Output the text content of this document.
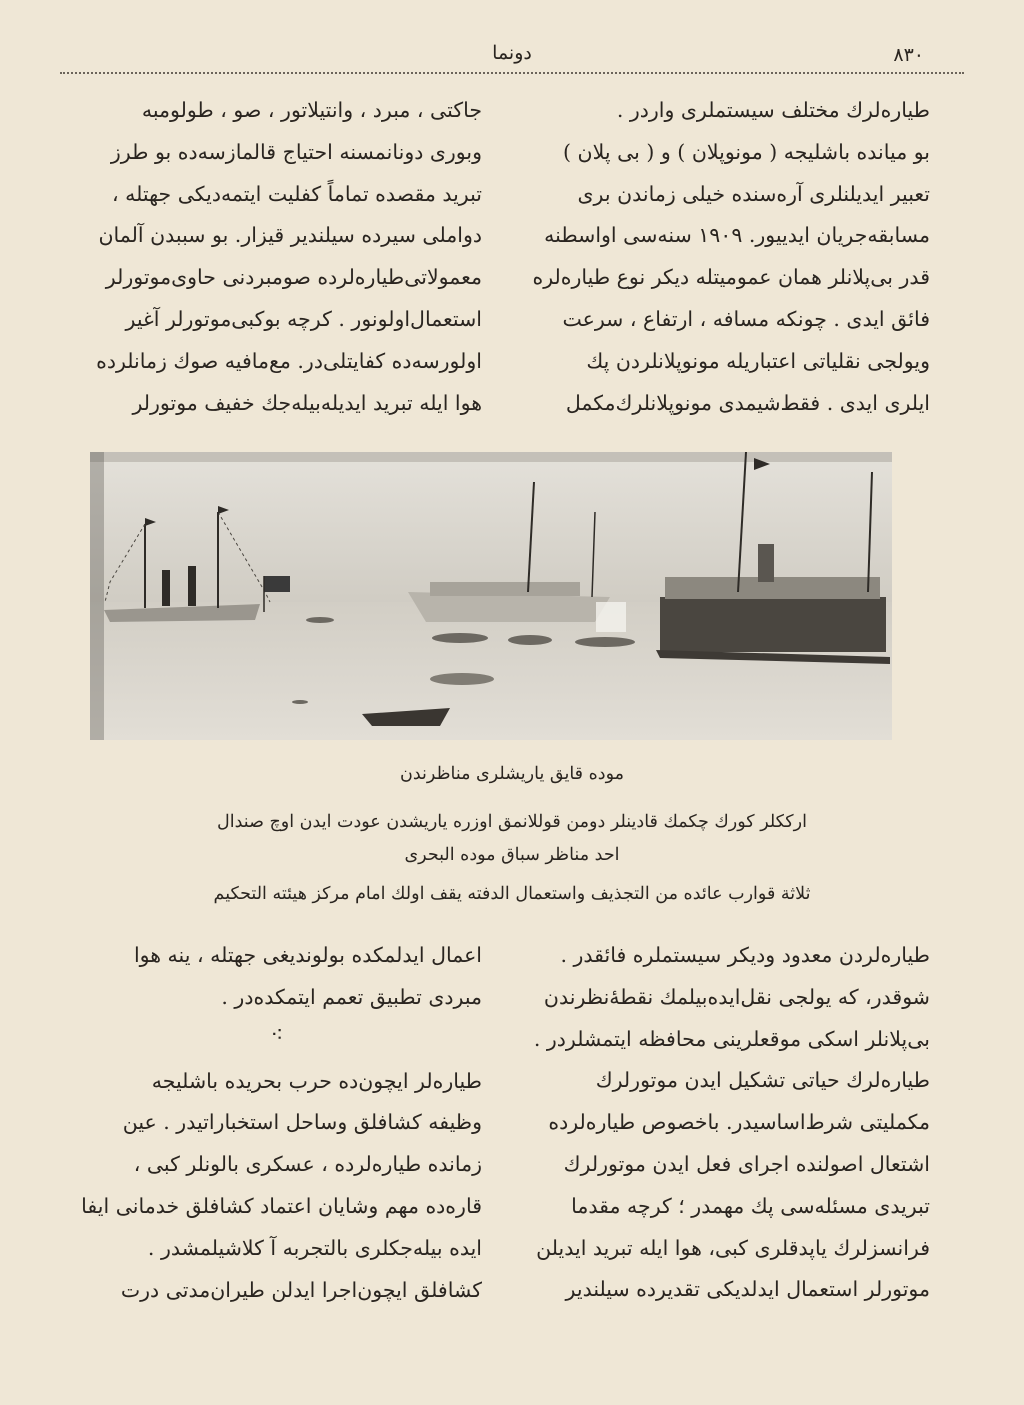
۸۳۰
دونما

طیاره‌لرك مختلف سیستملری واردر .

بو میانده باشلیجه ( مونوپلان ) و ( بی پلان )

تعبیر ایدیلنلری آره‌سنده خیلی زماندن بری

مسابقه‌جریان ایدییور. ۱۹۰۹ سنه‌سی اواسطنه

قدر بی‌پلانلر همان عمومیتله دیکر نوع طیاره‌لره

فائق ایدی . چونکه مسافه ، ارتفاع ، سرعت

ویولجی نقلیاتی اعتباریله مونوپلانلردن پك

ایلری ایدی . فقط‌شیمدی مونوپلانلرك‌مکمل

جاکتی ، مبرد ، وانتیلاتور ، صو ، طولومبه

وبوری دونانمسنه احتیاج قالمازسه‌ده بو طرز

تبرید مقصده تماماً کفلیت ایتمه‌دیکی جهتله ،

دواملی سیرده سیلندیر قیزار. بو سببدن آلمان

معمولاتی‌طیاره‌لرده صومبردنی حاوی‌موتورلر

استعمال‌اولونور . کرچه بوکبی‌موتورلر آغیر

اولورسه‌ده کفایتلی‌در. مع‌مافیه صوك زمانلرده

هوا ایله تبرید ایدیله‌بیله‌جك خفیف موتورلر

موده قایق یاریشلری مناظرندن
ارککلر کورك چکمك قادینلر دومن قوللانمق اوزره یاریشدن عودت ایدن اوچ صندال
احد مناظر سباق موده البحری
ثلاثة قوارب عائده من التجذیف واستعمال الدفته یقف اولك امام مرکز هیئته التحکیم

طیاره‌لردن معدود ودیکر سیستملره فائقدر .

شوقدر، که یولجی نقل‌ایده‌بیلمك نقطهٔ‌نظرندن

بی‌پلانلر اسکی موقعلرینی محافظه ایتمشلردر .

طیاره‌لرك حیاتی تشکیل ایدن موتورلرك

مکملیتی شرط‌اساسیدر. باخصوص طیاره‌لرده

اشتعال اصولنده اجرای فعل ایدن موتورلرك

تبریدی مسئله‌سی پك مهمدر ؛ کرچه مقدما

فرانسزلرك یاپدقلری کبی، هوا ایله تبرید ایدیلن

موتورلر استعمال ایدلدیکی تقدیرده سیلندیر

اعمال ایدلمکده بولوندیغی جهتله ، ینه هوا

مبردی تطبیق تعمم ایتمکده‌در .

⁖

طیاره‌لر ایچون‌ده حرب بحریده باشلیجه

وظیفه کشافلق وساحل استخباراتیدر . عین

زمانده طیاره‌لرده ، عسکری بالونلر کبی ،

قاره‌ده مهم وشایان اعتماد کشافلق خدمانی ایفا

ایده بیله‌جکلری بالتجربه آ کلاشیلمشدر .

کشافلق ایچون‌اجرا ایدلن طیران‌مدتی درت
